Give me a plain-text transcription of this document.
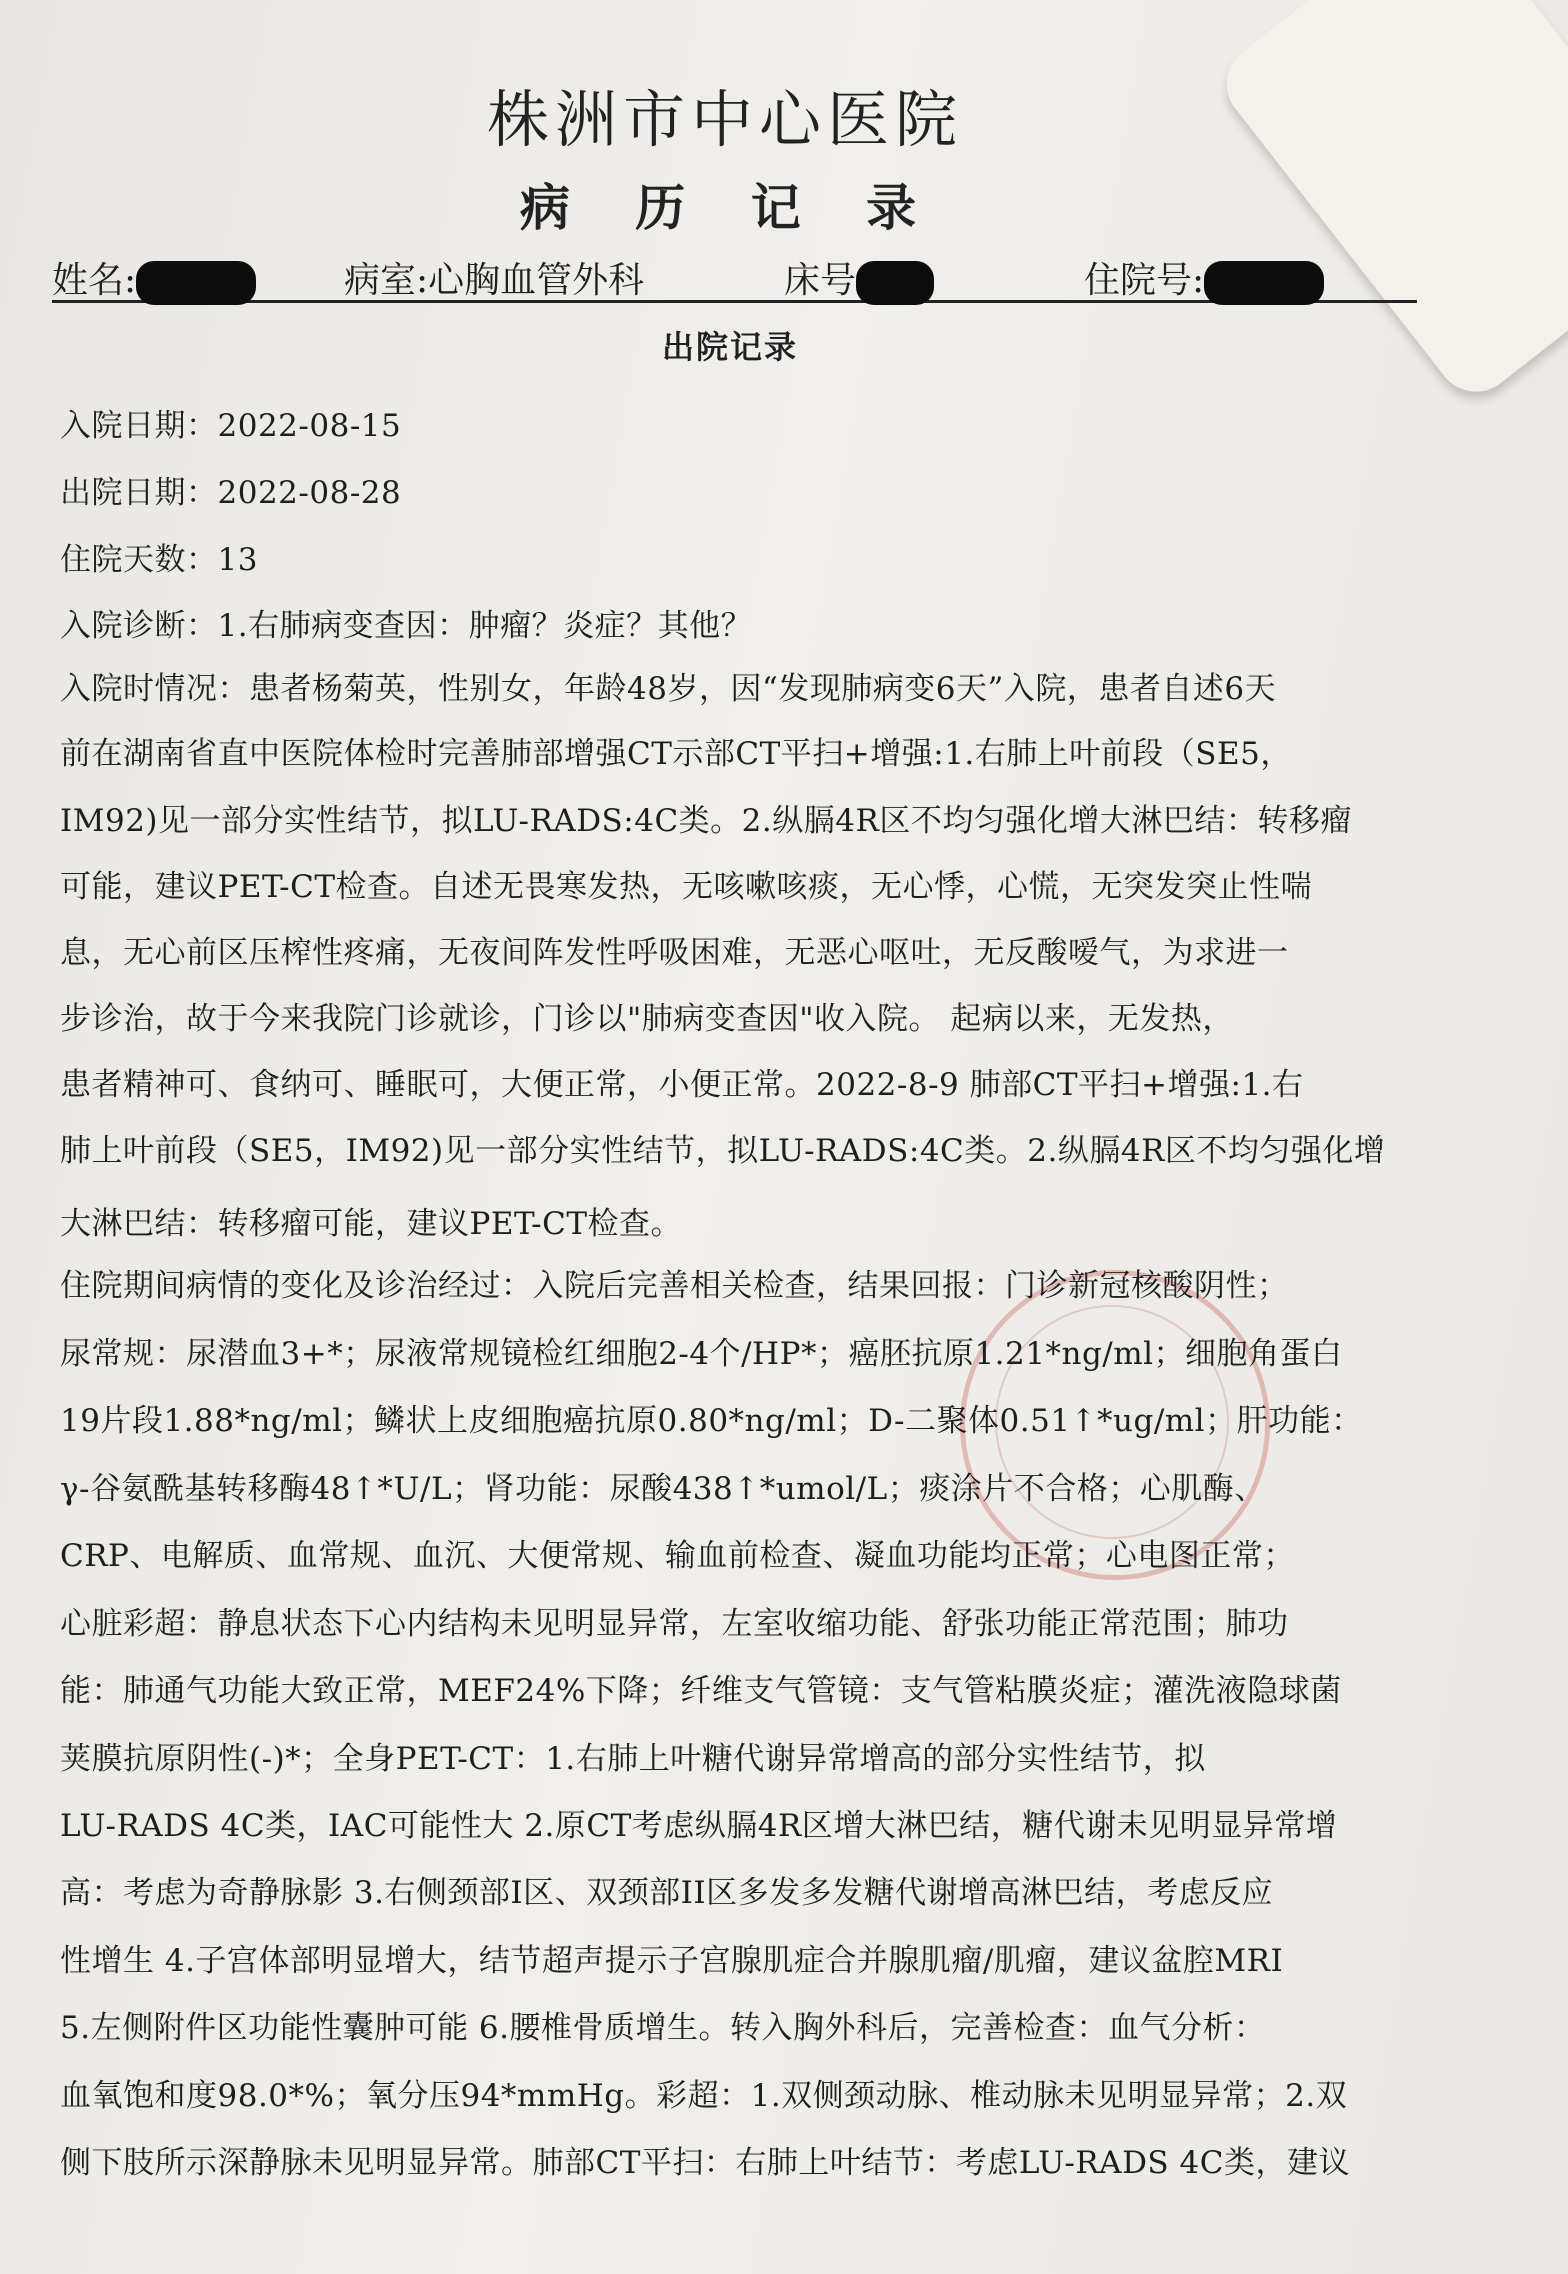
株洲市中心医院
病 历 记 录
姓名:	病室:心胸血管外科	床号	住院号:
出院记录
入院日期：2022-08-15
出院日期：2022-08-28
住院天数：13
入院诊断：1.右肺病变查因：肿瘤？炎症？其他？
入院时情况：患者杨菊英，性别女，年龄48岁，因“发现肺病变6天”入院，患者自述6天
前在湖南省直中医院体检时完善肺部增强CT示部CT平扫+增强:1.右肺上叶前段（SE5，
IM92)见一部分实性结节，拟LU-RADS:4C类。2.纵膈4R区不均匀强化增大淋巴结：转移瘤
可能，建议PET-CT检查。自述无畏寒发热，无咳嗽咳痰，无心悸，心慌，无突发突止性喘
息，无心前区压榨性疼痛，无夜间阵发性呼吸困难，无恶心呕吐，无反酸嗳气，为求进一
步诊治，故于今来我院门诊就诊，门诊以"肺病变查因"收入院。 起病以来，无发热，
患者精神可、食纳可、睡眠可，大便正常，小便正常。2022-8-9 肺部CT平扫+增强:1.右
肺上叶前段（SE5，IM92)见一部分实性结节，拟LU-RADS:4C类。2.纵膈4R区不均匀强化增
大淋巴结：转移瘤可能，建议PET-CT检查。
住院期间病情的变化及诊治经过：入院后完善相关检查，结果回报：门诊新冠核酸阴性；
尿常规：尿潜血3+*；尿液常规镜检红细胞2-4个/HP*；癌胚抗原1.21*ng/ml；细胞角蛋白
19片段1.88*ng/ml；鳞状上皮细胞癌抗原0.80*ng/ml；D-二聚体0.51↑*ug/ml；肝功能：
γ-谷氨酰基转移酶48↑*U/L；肾功能：尿酸438↑*umol/L；痰涂片不合格；心肌酶、
CRP、电解质、血常规、血沉、大便常规、输血前检查、凝血功能均正常；心电图正常；
心脏彩超：静息状态下心内结构未见明显异常，左室收缩功能、舒张功能正常范围；肺功
能：肺通气功能大致正常，MEF24%下降；纤维支气管镜：支气管粘膜炎症；灌洗液隐球菌
荚膜抗原阴性(-)*；全身PET-CT：1.右肺上叶糖代谢异常增高的部分实性结节，拟
LU-RADS 4C类，IAC可能性大 2.原CT考虑纵膈4R区增大淋巴结，糖代谢未见明显异常增
高：考虑为奇静脉影 3.右侧颈部I区、双颈部II区多发多发糖代谢增高淋巴结，考虑反应
性增生 4.子宫体部明显增大，结节超声提示子宫腺肌症合并腺肌瘤/肌瘤，建议盆腔MRI
5.左侧附件区功能性囊肿可能 6.腰椎骨质增生。转入胸外科后，完善检查：血气分析：
血氧饱和度98.0*%；氧分压94*mmHg。彩超：1.双侧颈动脉、椎动脉未见明显异常；2.双
侧下肢所示深静脉未见明显异常。肺部CT平扫：右肺上叶结节：考虑LU-RADS 4C类，建议
